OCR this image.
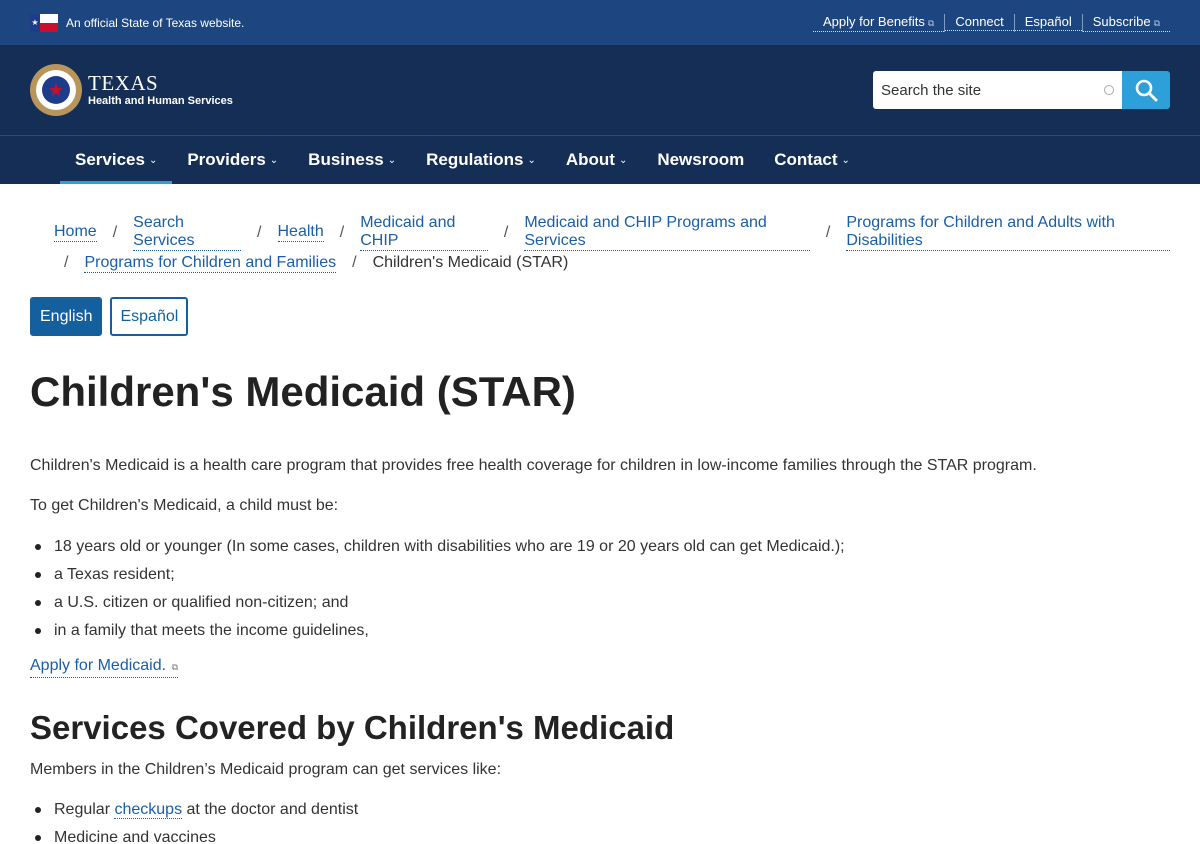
★ An official State of Texas website.	Apply for Benefits ⧉	Connect	Español	Subscribe ⧉
★ TEXAS
Health and Human Services
Search the site
Services ⌄ Providers ⌄ Business ⌄ Regulations ⌄ About ⌄ Newsroom Contact ⌄
Home /
Search Services	/ Health /
Medicaid and CHIP	/
Medicaid and CHIP Programs and Services	/
Programs for Children and Adults with Disabilities
/ Programs for Children and Families / Children's Medicaid (STAR)
English	Español
Children's Medicaid (STAR)

Children's Medicaid is a health care program that provides free health coverage for children in low-income families through the STAR program.

To get Children's Medicaid, a child must be:

18 years old or younger (In some cases, children with disabilities who are 19 or 20 years old can get Medicaid.);
a Texas resident;
a U.S. citizen or qualified non-citizen; and
in a family that meets the income guidelines,
Apply for Medicaid. ⧉
Services Covered by Children's Medicaid

Members in the Children’s Medicaid program can get services like:

Regular checkups at the doctor and dentist
Medicine and vaccines
